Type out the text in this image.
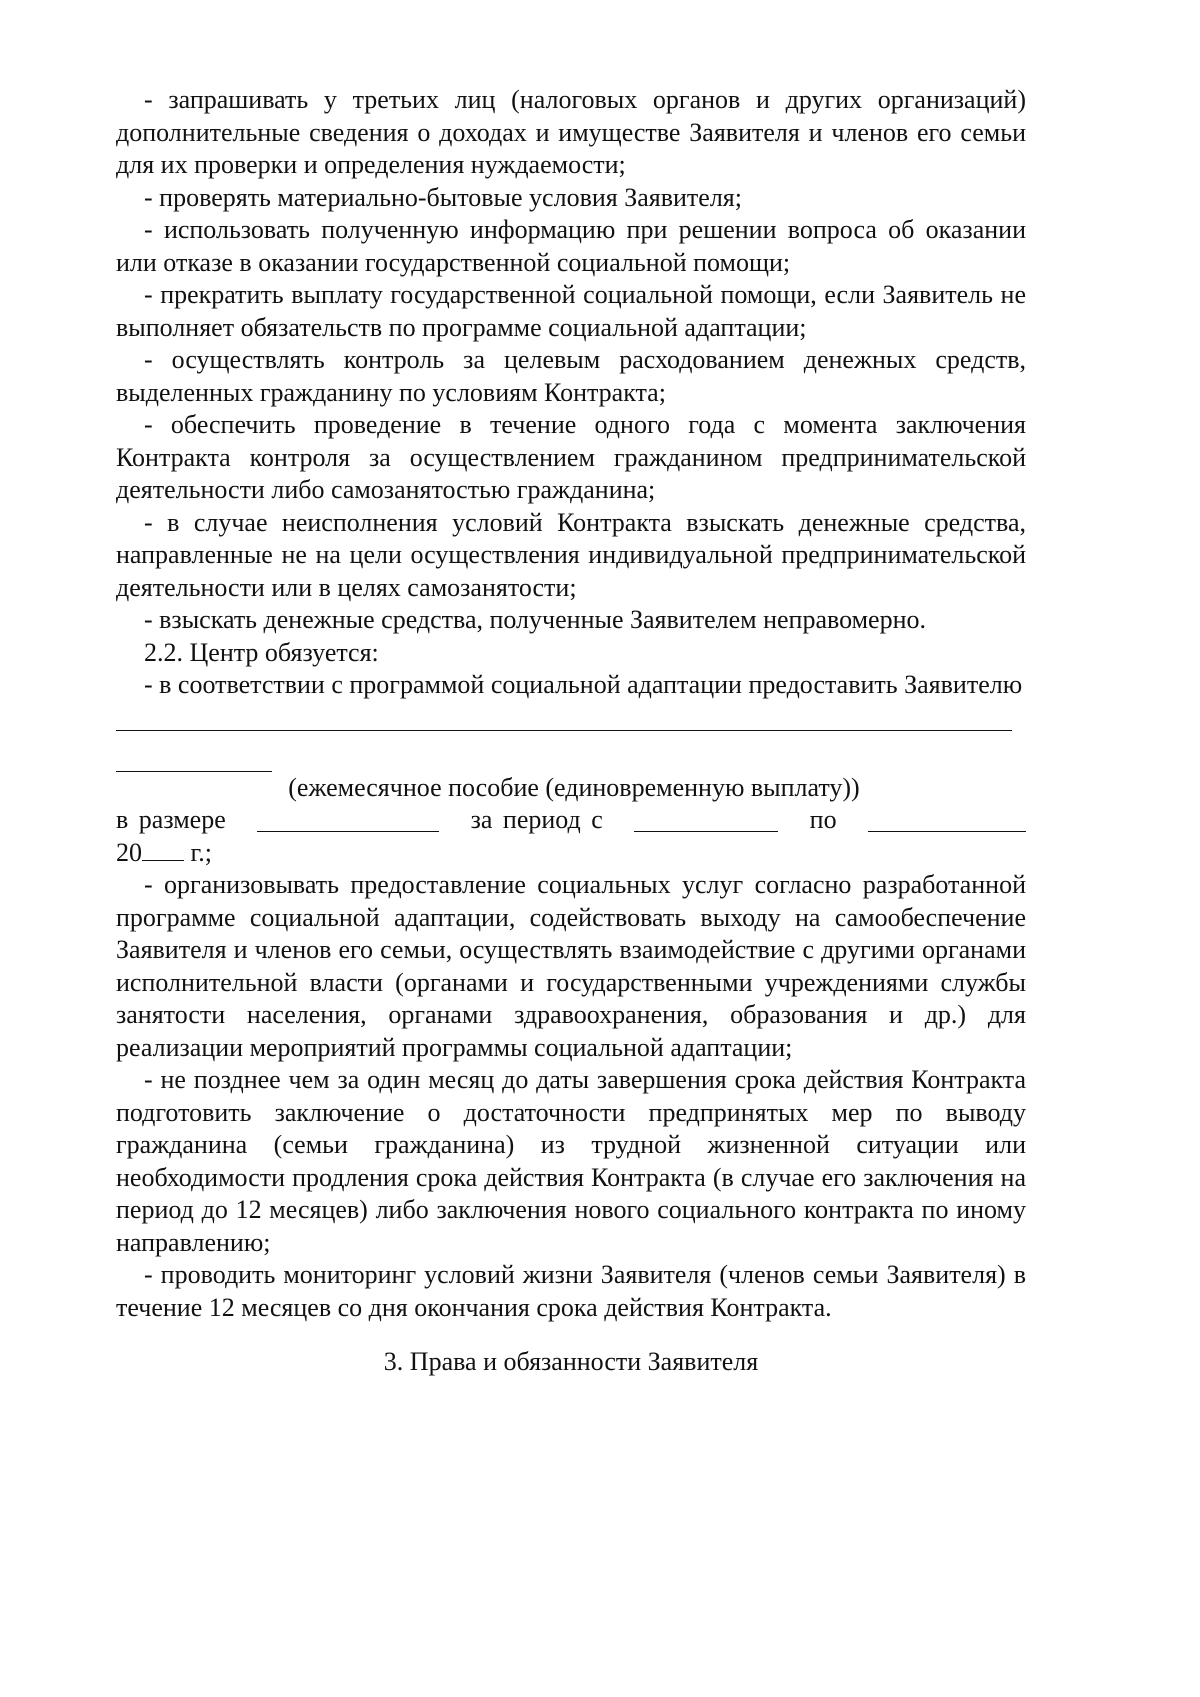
- запрашивать у третьих лиц (налоговых органов и других организаций) дополнительные сведения о доходах и имуществе Заявителя и членов его семьи для их проверки и определения нуждаемости;

- проверять материально-бытовые условия Заявителя;

- использовать полученную информацию при решении вопроса об оказании или отказе в оказании государственной социальной помощи;

- прекратить выплату государственной социальной помощи, если Заявитель не выполняет обязательств по программе социальной адаптации;

- осуществлять контроль за целевым расходованием денежных средств, выделенных гражданину по условиям Контракта;

- обеспечить проведение в течение одного года с момента заключения Контракта контроля за осуществлением гражданином предпринимательской деятельности либо самозанятостью гражданина;

- в случае неисполнения условий Контракта взыскать денежные средства, направленные не на цели осуществления индивидуальной предпринимательской деятельности или в целях самозанятости;

- взыскать денежные средства, полученные Заявителем неправомерно.

2.2. Центр обязуется:

- в соответствии с программой социальной адаптации предоставить Заявителю

(ежемесячное пособие (единовременную выплату))

в размере	за период с	по
20 г.;

- организовывать предоставление социальных услуг согласно разработанной программе социальной адаптации, содействовать выходу на самообеспечение Заявителя и членов его семьи, осуществлять взаимодействие с другими органами исполнительной власти (органами и государственными учреждениями службы занятости населения, органами здравоохранения, образования и др.) для реализации мероприятий программы социальной адаптации;

- не позднее чем за один месяц до даты завершения срока действия Контракта подготовить заключение о достаточности предпринятых мер по выводу гражданина (семьи гражданина) из трудной жизненной ситуации или необходимости продления срока действия Контракта (в случае его заключения на период до 12 месяцев) либо заключения нового социального контракта по иному направлению;

- проводить мониторинг условий жизни Заявителя (членов семьи Заявителя) в течение 12 месяцев со дня окончания срока действия Контракта.

3. Права и обязанности Заявителя
